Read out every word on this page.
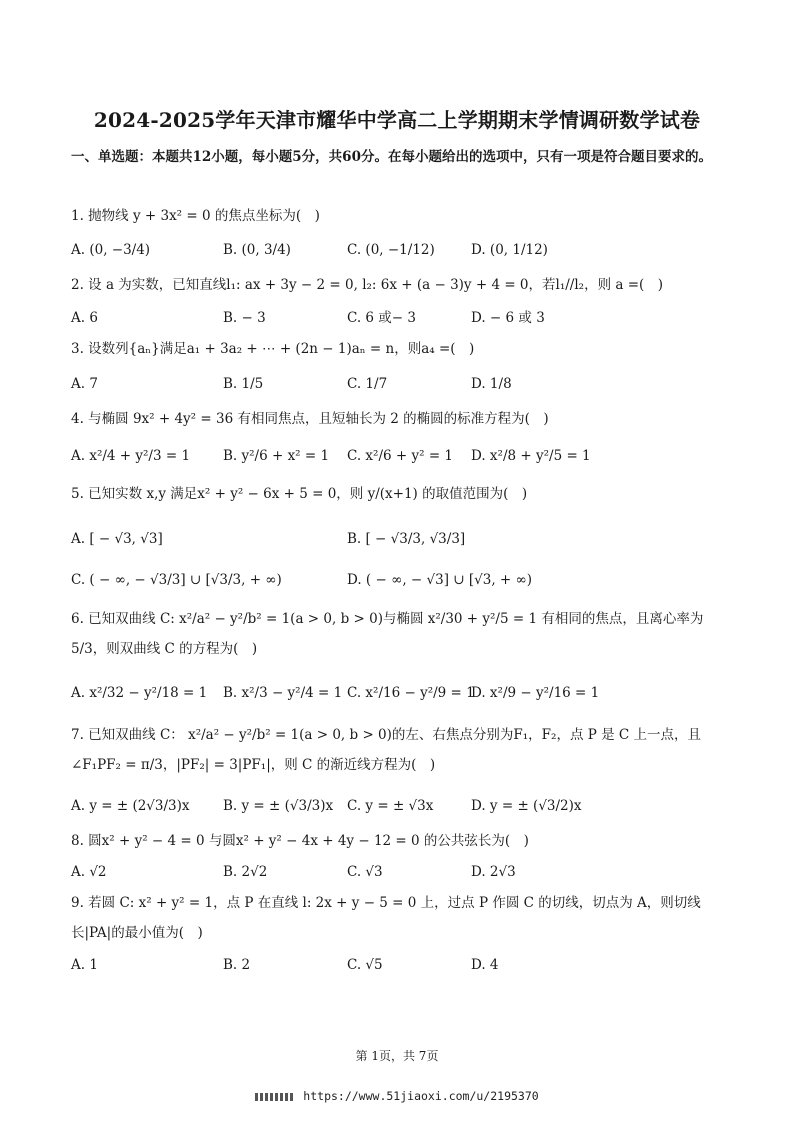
2024-2025学年天津市耀华中学高二上学期期末学情调研数学试卷
一、单选题：本题共12小题，每小题5分，共60分。在每小题给出的选项中，只有一项是符合题目要求的。
1. 抛物线 y + 3x² = 0 的焦点坐标为(　)
A. (0, −3/4)	B. (0, 3/4)	C. (0, −1/12)	D. (0, 1/12)
2. 设 a 为实数，已知直线l₁: ax + 3y − 2 = 0, l₂: 6x + (a − 3)y + 4 = 0，若l₁//l₂，则 a =(　)
A. 6	B. − 3	C. 6 或− 3	D. − 6 或 3
3. 设数列{aₙ}满足a₁ + 3a₂ + ⋯ + (2n − 1)aₙ = n，则a₄ =(　)
A. 7	B. 1/5	C. 1/7	D. 1/8
4. 与椭圆 9x² + 4y² = 36 有相同焦点，且短轴长为 2 的椭圆的标准方程为(　)
A. x²/4 + y²/3 = 1 B. y²/6 + x² = 1 C. x²/6 + y² = 1 D. x²/8 + y²/5 = 1
5. 已知实数 x,y 满足x² + y² − 6x + 5 = 0，则 y/(x+1) 的取值范围为(　)
A. [ − √3, √3]	B. [ − √3/3, √3/3]
C. ( − ∞, − √3/3] ∪ [√3/3, + ∞)	D. ( − ∞, − √3] ∪ [√3, + ∞)
6. 已知双曲线 C: x²/a² − y²/b² = 1(a > 0, b > 0)与椭圆 x²/30 + y²/5 = 1 有相同的焦点，且离心率为 5/3，则双曲线 C 的方程为(　)
A. x²/32 − y²/18 = 1 B. x²/3 − y²/4 = 1 C. x²/16 − y²/9 = 1
D. x²/9 − y²/16 = 1
7. 已知双曲线 C： x²/a² − y²/b² = 1(a > 0, b > 0)的左、右焦点分别为F₁，F₂，点 P 是 C 上一点，且∠F₁PF₂ = π/3，|PF₂| = 3|PF₁|，则 C 的渐近线方程为(　)
A. y = ± (2√3/3)x B. y = ± (√3/3)x C. y = ± √3x	D. y = ± (√3/2)x
8. 圆x² + y² − 4 = 0 与圆x² + y² − 4x + 4y − 12 = 0 的公共弦长为(　)
A. √2	B. 2√2	C. √3	D. 2√3
9. 若圆 C: x² + y² = 1，点 P 在直线 l: 2x + y − 5 = 0 上，过点 P 作圆 C 的切线，切点为 A，则切线长|PA|的最小值为(　)
A. 1	B. 2	C. √5	D. 4
第 1页，共 7页
https://www.51jiaoxi.com/u/2195370
